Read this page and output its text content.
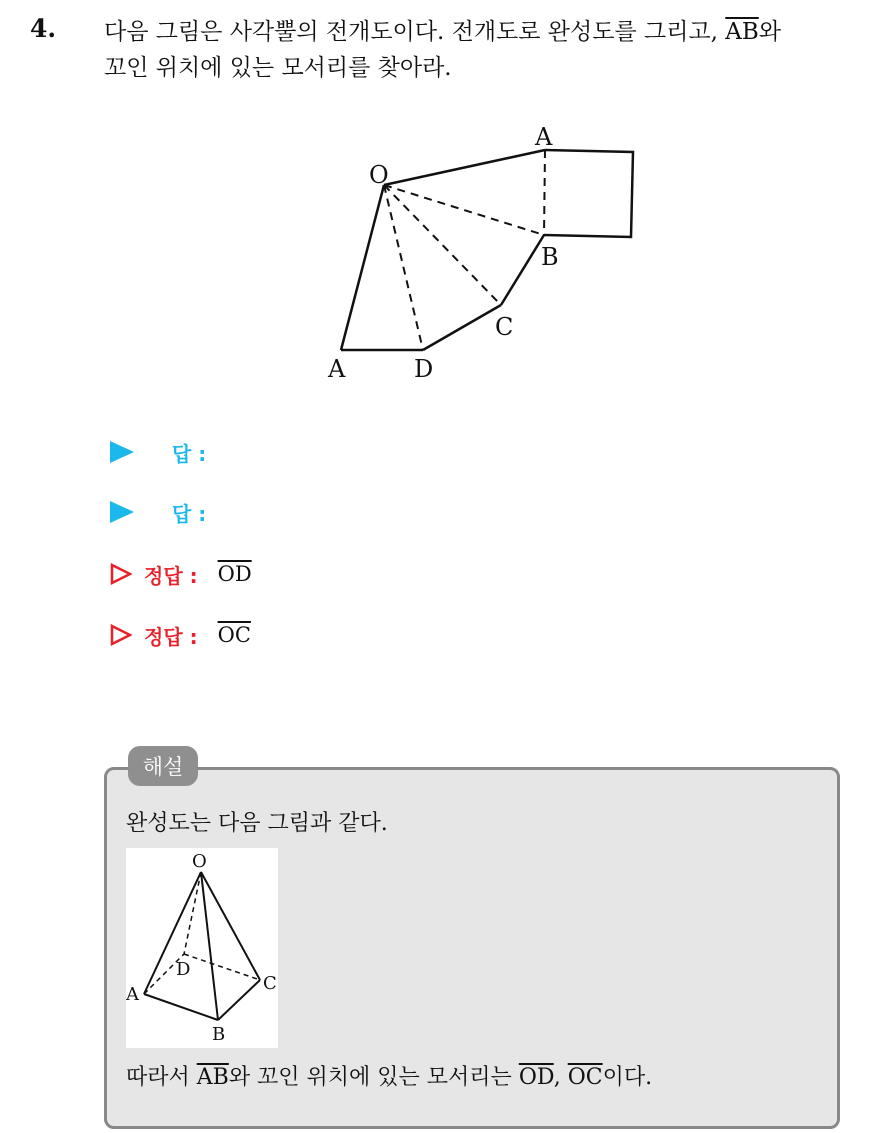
4. 다음 그림은 사각뿔의 전개도이다. 전개도로 완성도를 그리고, $\overline{AB}$와
꼬인 위치에 있는 모서리를 찾아라.
A
O
B
C
A	D
답 :
답 :
정답 : $\overline{OD}$
정답 : $\overline{OC}$
해설
완성도는 다음 그림과 같다.
O
D
A
C
B
따라서 $\overline{AB}$와 꼬인 위치에 있는 모서리는 $\overline{OD}$, $\overline{OC}$이다.
